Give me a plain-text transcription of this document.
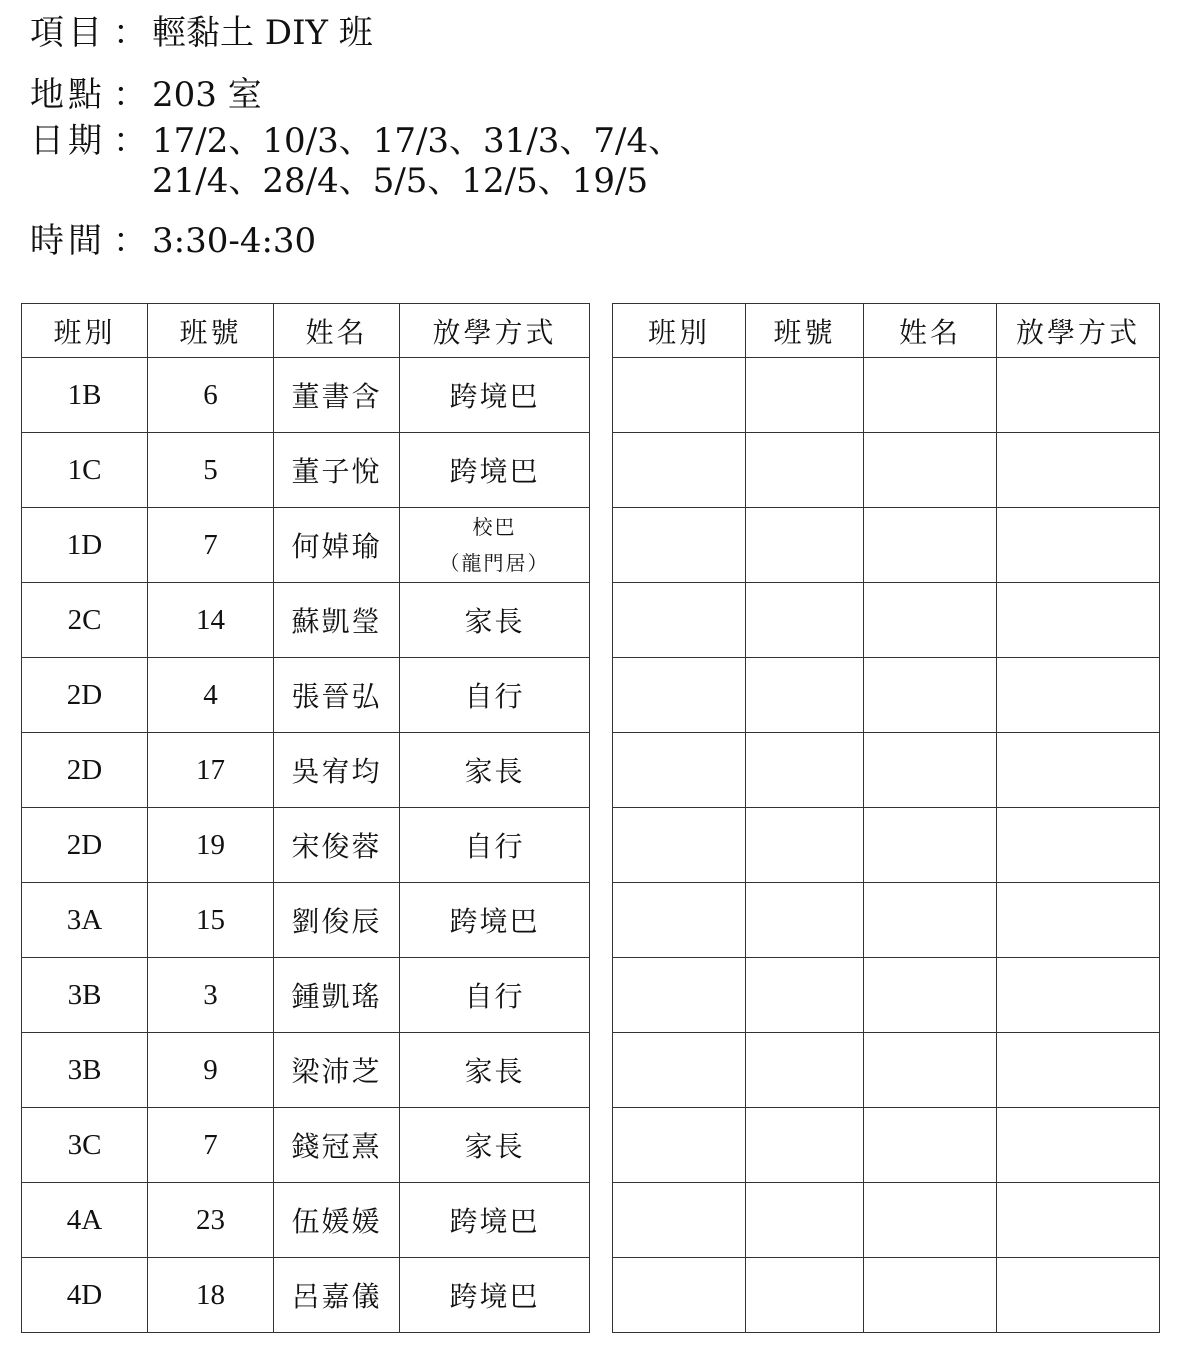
項目 ： 輕黏土 DIY 班
地點 ： 203 室
日期 ： 17/2、10/3、17/3、31/3、7/4、
21/4、28/4、5/5、12/5、19/5
時間 ： 3:30-4:30
班別	班號	姓名	放學方式
1B	6	董書含	跨境巴
1C	5	董子悅	跨境巴
1D	7	何婥瑜	校巴
（龍門居）

2C	14	蘇凱瑩	家長
2D	4	張晉弘	自行
2D	17	吳宥均	家長
2D	19	宋俊蓉	自行
3A	15	劉俊辰	跨境巴
3B	3	鍾凱瑤	自行
3B	9	梁沛芝	家長
3C	7	錢冠熹	家長
4A	23	伍媛媛	跨境巴
4D	18	呂嘉儀	跨境巴
班別	班號	姓名	放學方式
